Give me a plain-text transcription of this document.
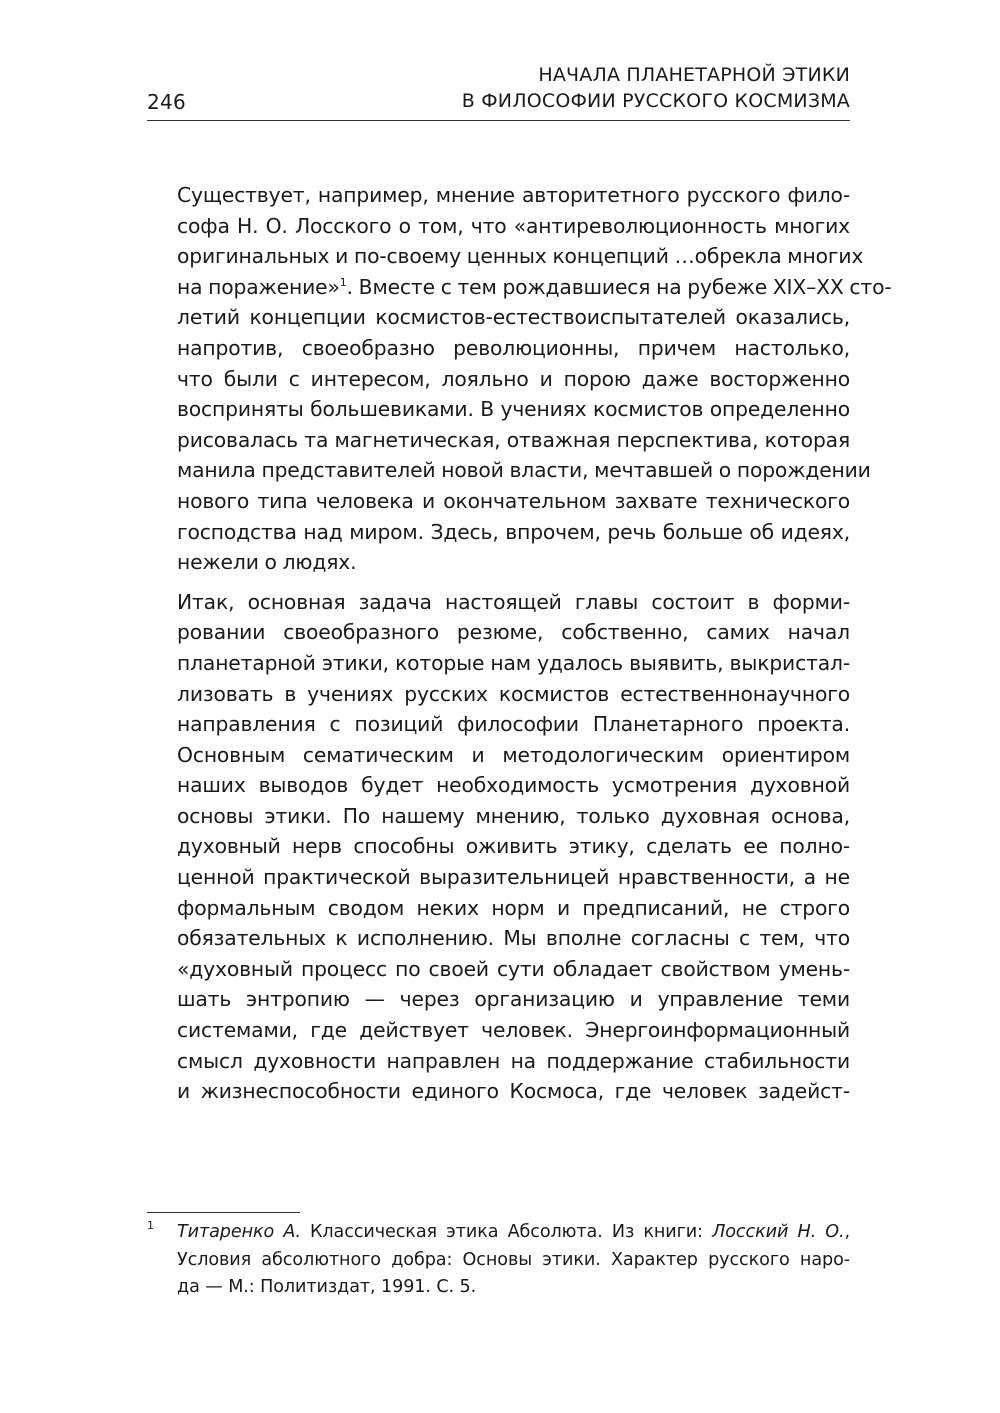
246
НАЧАЛА ПЛАНЕТАРНОЙ ЭТИКИ
В ФИЛОСОФИИ РУССКОГО КОСМИЗМА

Существует, например, мнение авторитетного русского фило-
софа Н. О. Лосского о том, что «антиреволюционность многих
оригинальных и по-своему ценных концепций …обрекла многих
на поражение»$^1$. Вместе с тем рождавшиеся на рубеже XIX–XX сто-
летий концепции космистов-естествоиспытателей оказались,
напротив, своеобразно революционны, причем настолько,
что были с интересом, лояльно и порою даже восторженно
восприняты большевиками. В учениях космистов определенно
рисовалась та магнетическая, отважная перспектива, которая
манила представителей новой власти, мечтавшей о порождении
нового типа человека и окончательном захвате технического
господства над миром. Здесь, впрочем, речь больше об идеях,
нежели о людях.

Итак, основная задача настоящей главы состоит в форми-
ровании своеобразного резюме, собственно, самих начал
планетарной этики, которые нам удалось выявить, выкристал-
лизовать в учениях русских космистов естественнонаучного
направления с позиций философии Планетарного проекта.
Основным сематическим и методологическим ориентиром
наших выводов будет необходимость усмотрения духовной
основы этики. По нашему мнению, только духовная основа,
духовный нерв способны оживить этику, сделать ее полно-
ценной практической выразительницей нравственности, а не
формальным сводом неких норм и предписаний, не строго
обязательных к исполнению. Мы вполне согласны с тем, что
«духовный процесс по своей сути обладает свойством умень-
шать энтропию — через организацию и управление теми
системами, где действует человек. Энергоинформационный
смысл духовности направлен на поддержание стабильности
и жизнеспособности единого Космоса, где человек задейст-

1 Титаренко А. Классическая этика Абсолюта. Из книги: Лосский Н. О.,
Условия абсолютного добра: Основы этики. Характер русского наро-
да — М.: Политиздат, 1991. С. 5.
